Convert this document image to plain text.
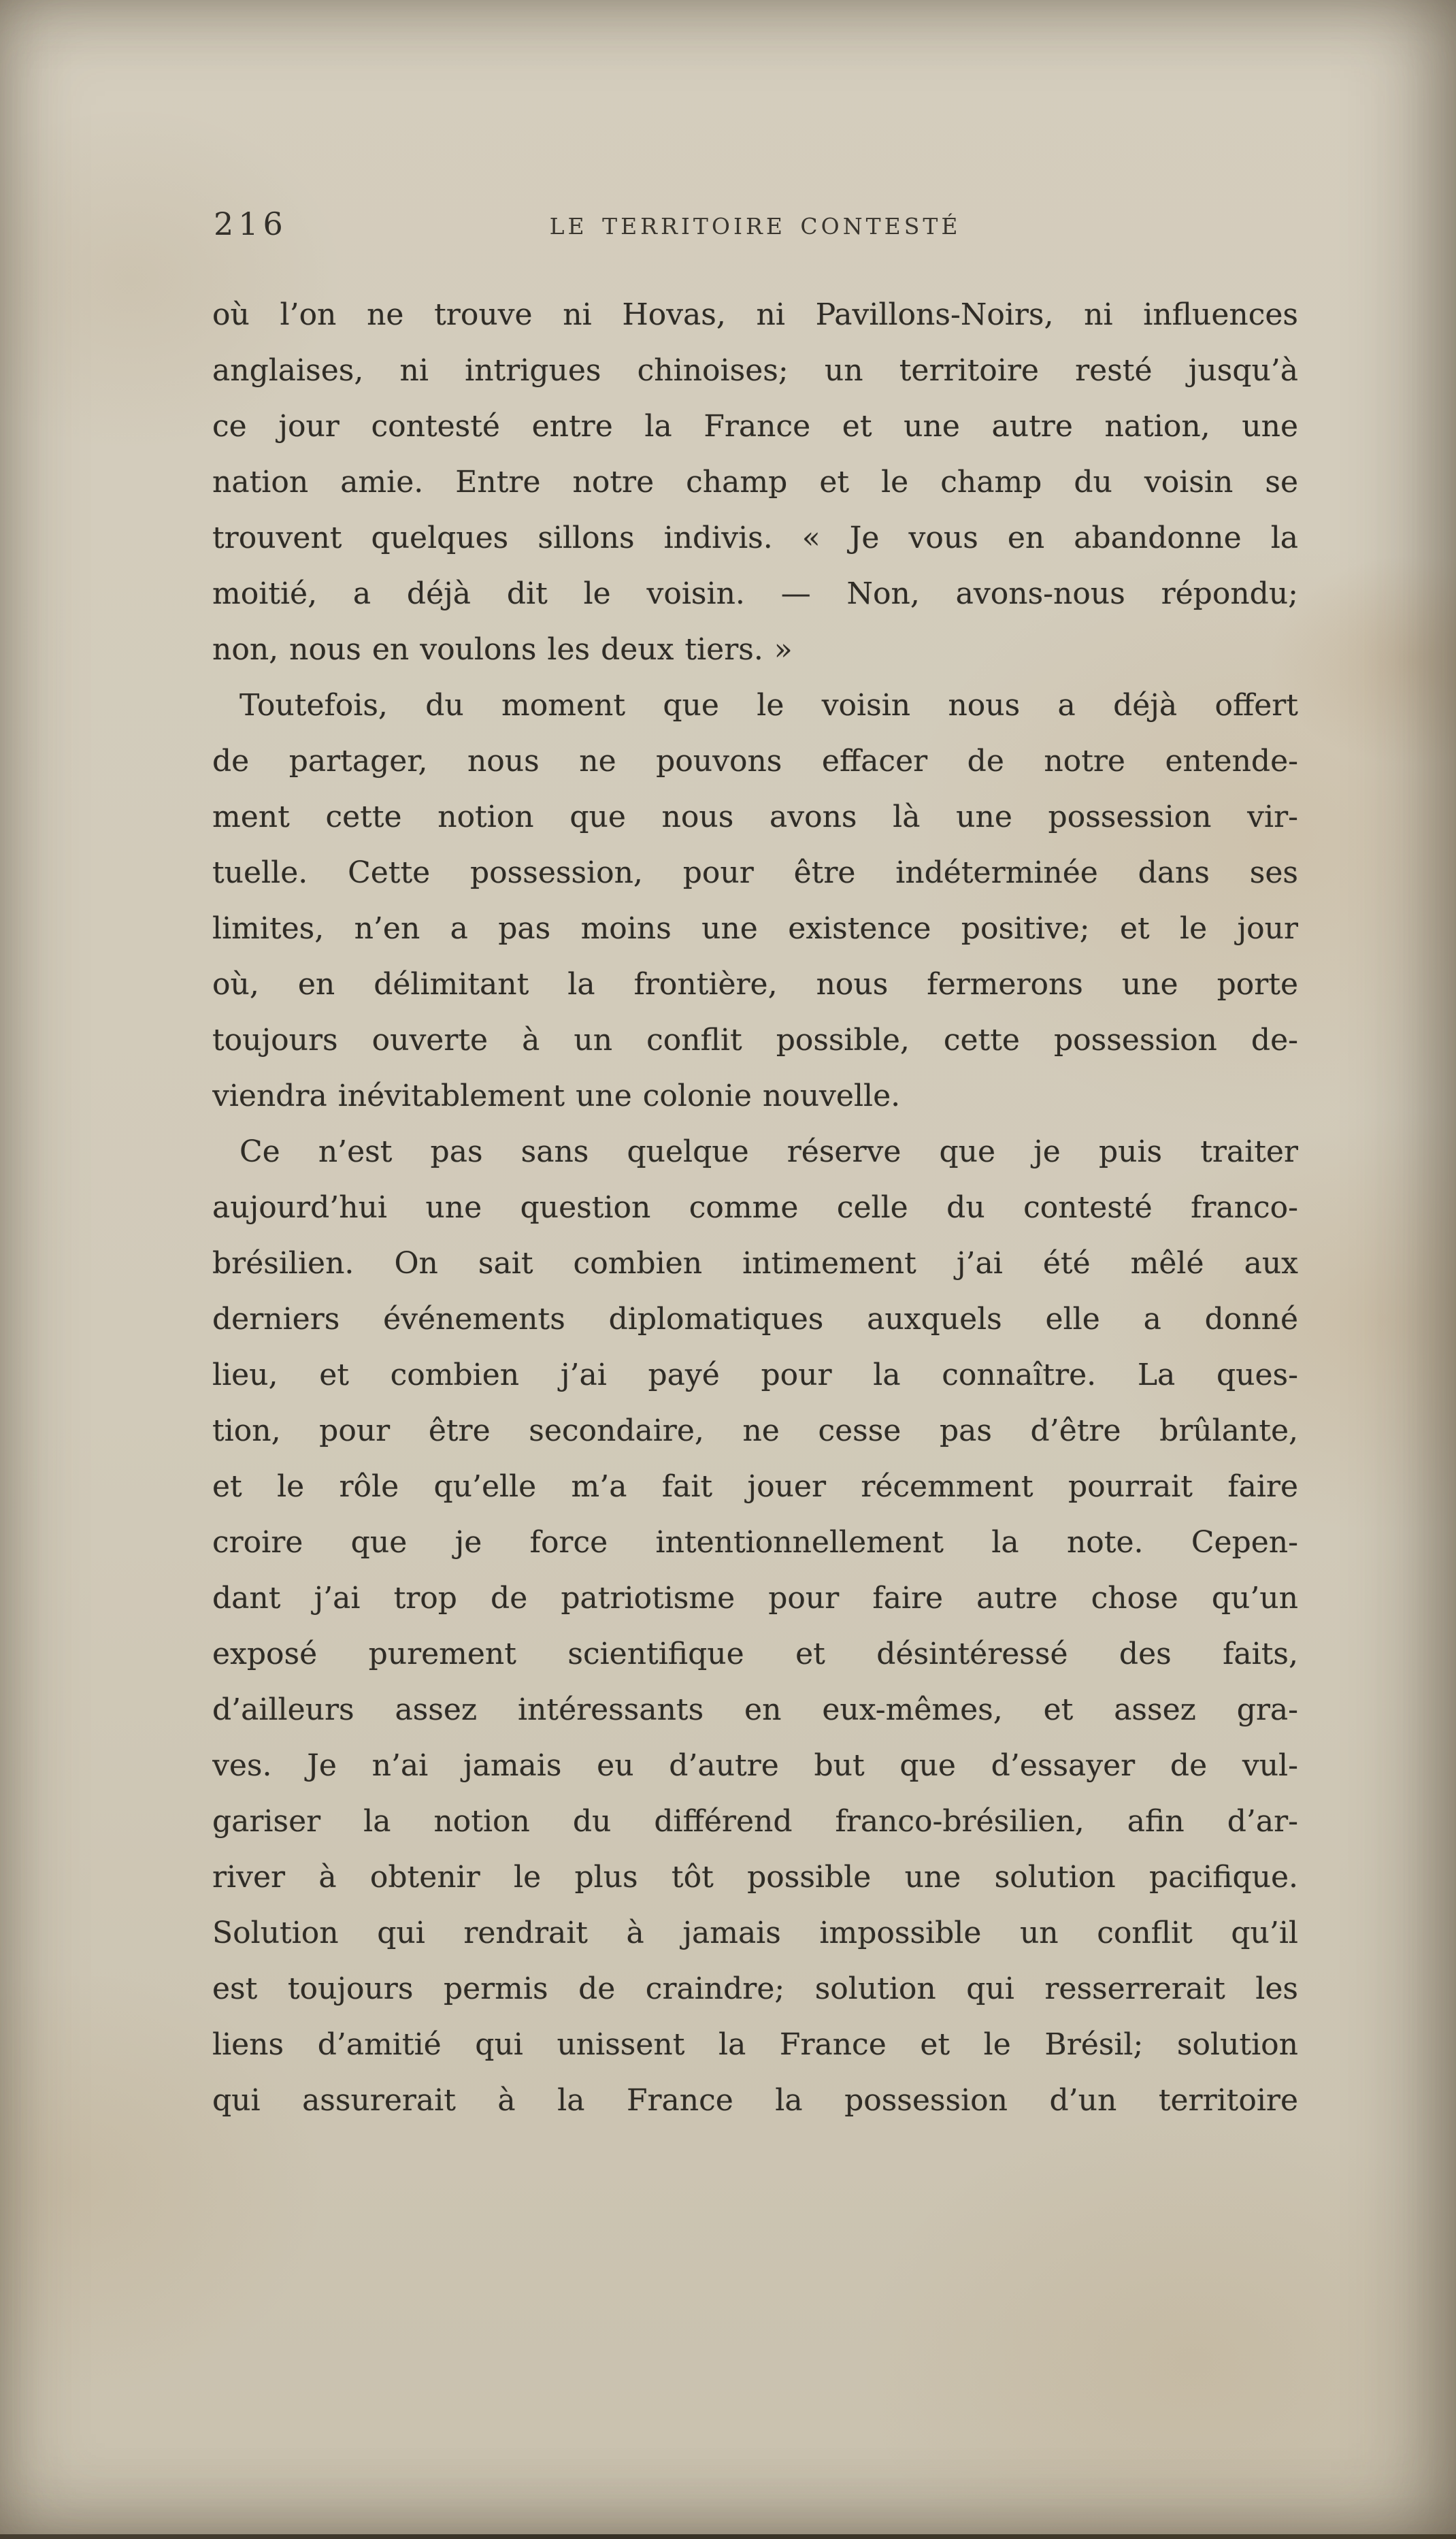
216	LE TERRITOIRE CONTESTÉ
où l’on ne trouve ni Hovas, ni Pavillons-Noirs, ni influences
anglaises, ni intrigues chinoises; un territoire resté jusqu’à
ce jour contesté entre la France et une autre nation, une
nation amie. Entre notre champ et le champ du voisin se
trouvent quelques sillons indivis. « Je vous en abandonne la
moitié, a déjà dit le voisin. — Non, avons-nous répondu;
non, nous en voulons les deux tiers. »
Toutefois, du moment que le voisin nous a déjà offert
de partager, nous ne pouvons effacer de notre entende-
ment cette notion que nous avons là une possession vir-
tuelle. Cette possession, pour être indéterminée dans ses
limites, n’en a pas moins une existence positive; et le jour
où, en délimitant la frontière, nous fermerons une porte
toujours ouverte à un conflit possible, cette possession de-
viendra inévitablement une colonie nouvelle.
Ce n’est pas sans quelque réserve que je puis traiter
aujourd’hui une question comme celle du contesté franco-
brésilien. On sait combien intimement j’ai été mêlé aux
derniers événements diplomatiques auxquels elle a donné
lieu, et combien j’ai payé pour la connaître. La ques-
tion, pour être secondaire, ne cesse pas d’être brûlante,
et le rôle qu’elle m’a fait jouer récemment pourrait faire
croire que je force intentionnellement la note. Cepen-
dant j’ai trop de patriotisme pour faire autre chose qu’un
exposé purement scientifique et désintéressé des faits,
d’ailleurs assez intéressants en eux-mêmes, et assez gra-
ves. Je n’ai jamais eu d’autre but que d’essayer de vul-
gariser la notion du différend franco-brésilien, afin d’ar-
river à obtenir le plus tôt possible une solution pacifique.
Solution qui rendrait à jamais impossible un conflit qu’il
est toujours permis de craindre; solution qui resserrerait les
liens d’amitié qui unissent la France et le Brésil; solution
qui assurerait à la France la possession d’un territoire
